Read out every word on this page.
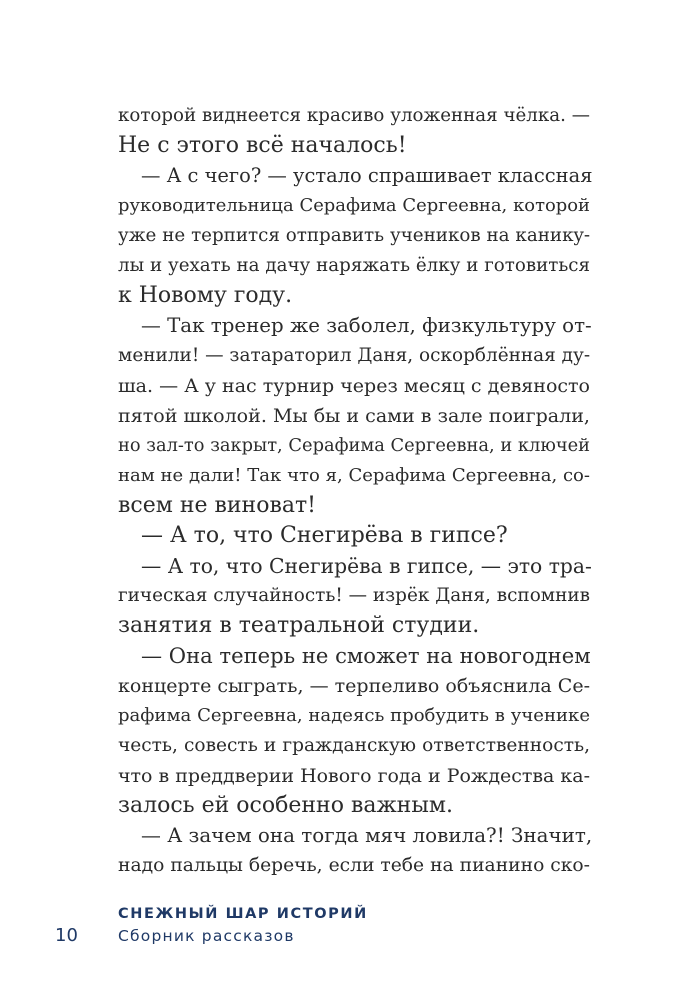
которой виднеется красиво уложенная чёлка. —
Не с этого всё началось!
— А с чего? — устало спрашивает классная
руководительница Серафима Сергеевна, которой
уже не терпится отправить учеников на каникy-
лы и уехать на дачу наряжать ёлку и готовиться
к Новому году.
— Так тренер же заболел, физкультуру от-
менили! — затараторил Даня, оскорблённая ду-
ша. — А у нас турнир через месяц с девяносто
пятой школой. Мы бы и сами в зале поиграли,
но зал-то закрыт, Серафима Сергеевна, и ключей
нам не дали! Так что я, Серафима Сергеевна, со-
всем не виноват!
— А то, что Снегирёва в гипсе?
— А то, что Снегирёва в гипсе, — это тра-
гическая случайность! — изрёк Даня, вспомнив
занятия в театральной студии.
— Она теперь не сможет на новогоднем
концерте сыграть, — терпеливо объяснила Се-
рафима Сергеевна, надеясь пробудить в ученике
честь, совесть и гражданскую ответственность,
что в преддверии Нового года и Рождества ка-
залось ей особенно важным.
— А зачем она тогда мяч ловила?! Значит,
надо пальцы беречь, если тебе на пианино ско-
10
СНЕЖНЫЙ ШАР ИСТОРИЙ
Сборник рассказов
